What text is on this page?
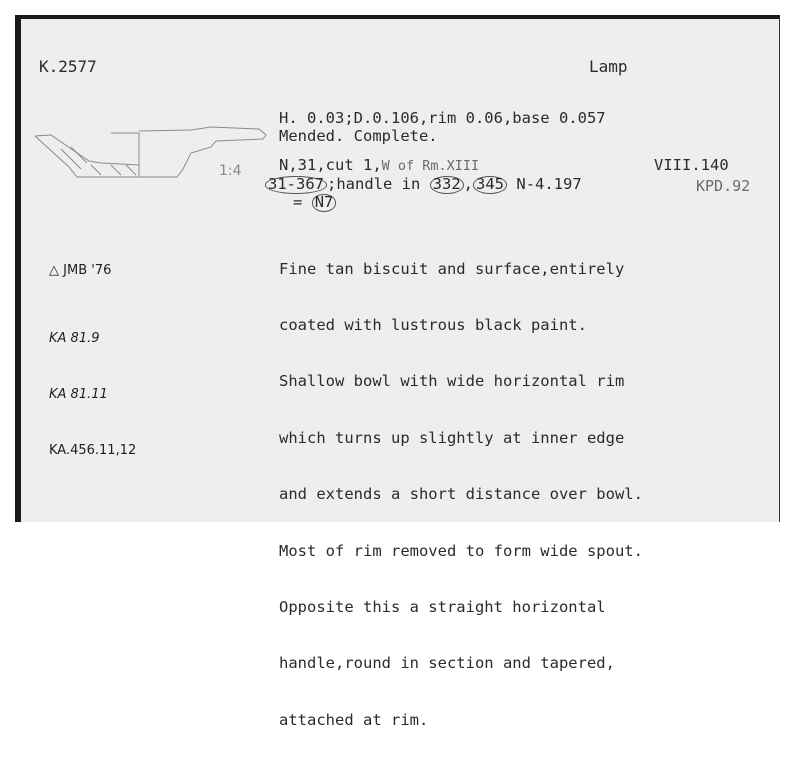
K.2577	Lamp
1:4
H. 0.03;D.0.106,rim 0.06,base 0.057
Mended. Complete.
N,31,cut 1,W of Rm.XIII	VIII.140
31-367 ;handle in 332 , 345 N-4.197	KPD.92
= N7

Fine tan biscuit and surface,entirely

coated with lustrous black paint.

Shallow bowl with wide horizontal rim

which turns up slightly at inner edge

and extends a short distance over bowl.

Most of rim removed to form wide spout.

Opposite this a straight horizontal

handle,round in section and tapered,

attached at rim.

△ JMB '76

KA 81.9

KA 81.11

KA.456.11,12
